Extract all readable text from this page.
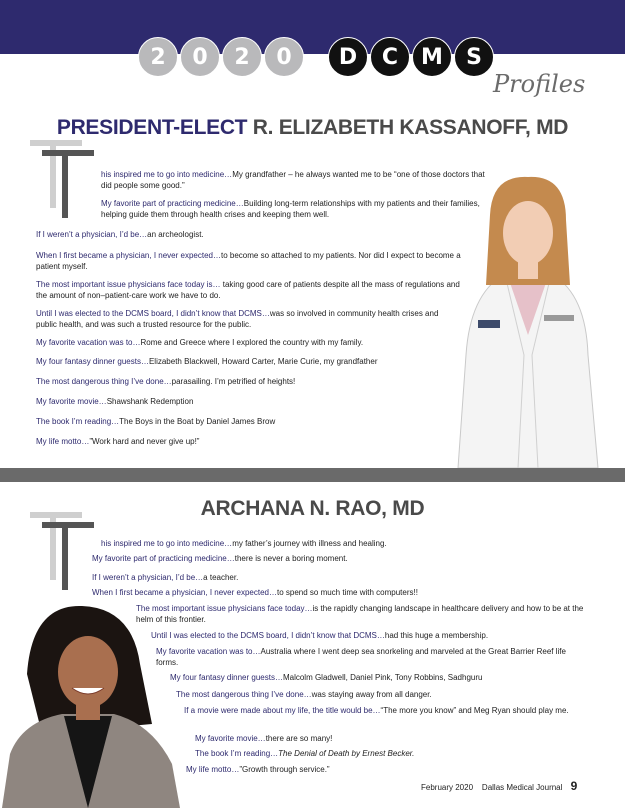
2	0	2	0	D	C	M	S
Profiles
PRESIDENT-ELECT R. ELIZABETH KASSANOFF, MD
his inspired me to go into medicine…My grandfather – he always wanted me to be “one of those doctors that did people some good.”
My favorite part of practicing medicine…Building long-term relationships with my patients and their families, helping guide them through health crises and keeping them well.
If I weren’t a physician, I’d be…an archeologist.
When I first became a physician, I never expected…to become so attached to my patients. Nor did I expect to become a patient myself.
The most important issue physicians face today is… taking good care of patients despite all the mass of regulations and the amount of non–patient-care work we have to do.
Until I was elected to the DCMS board, I didn’t know that DCMS…was so involved in community health crises and public health, and was such a trusted resource for the public.
My favorite vacation was to…Rome and Greece where I explored the country with my family.
My four fantasy dinner guests…Elizabeth Blackwell, Howard Carter, Marie Curie, my grandfather
The most dangerous thing I’ve done…parasailing. I’m petrified of heights!
My favorite movie…Shawshank Redemption
The book I’m reading…The Boys in the Boat by Daniel James Brow
My life motto…”Work hard and never give up!”
ARCHANA N. RAO, MD
his inspired me to go into medicine…my father’s journey with illness and healing.
My favorite part of practicing medicine…there is never a boring moment.
If I weren’t a physician, I’d be…a teacher.
When I first became a physician, I never expected…to spend so much time with computers!!
The most important issue physicians face today…is the rapidly changing landscape in healthcare delivery and how to be at the helm of this frontier.
Until I was elected to the DCMS board, I didn’t know that DCMS…had this huge a membership.
My favorite vacation was to…Australia where I went deep sea snorkeling and marveled at the Great Barrier Reef life forms.
My four fantasy dinner guests…Malcolm Gladwell, Daniel Pink, Tony Robbins, Sadhguru
The most dangerous thing I’ve done…was staying away from all danger.
If a movie were made about my life, the title would be…“The more you know” and Meg Ryan should play me.
My favorite movie…there are so many!
The book I’m reading…The Denial of Death by Ernest Becker.
My life motto…”Growth through service.”
February 2020 Dallas Medical Journal 9
